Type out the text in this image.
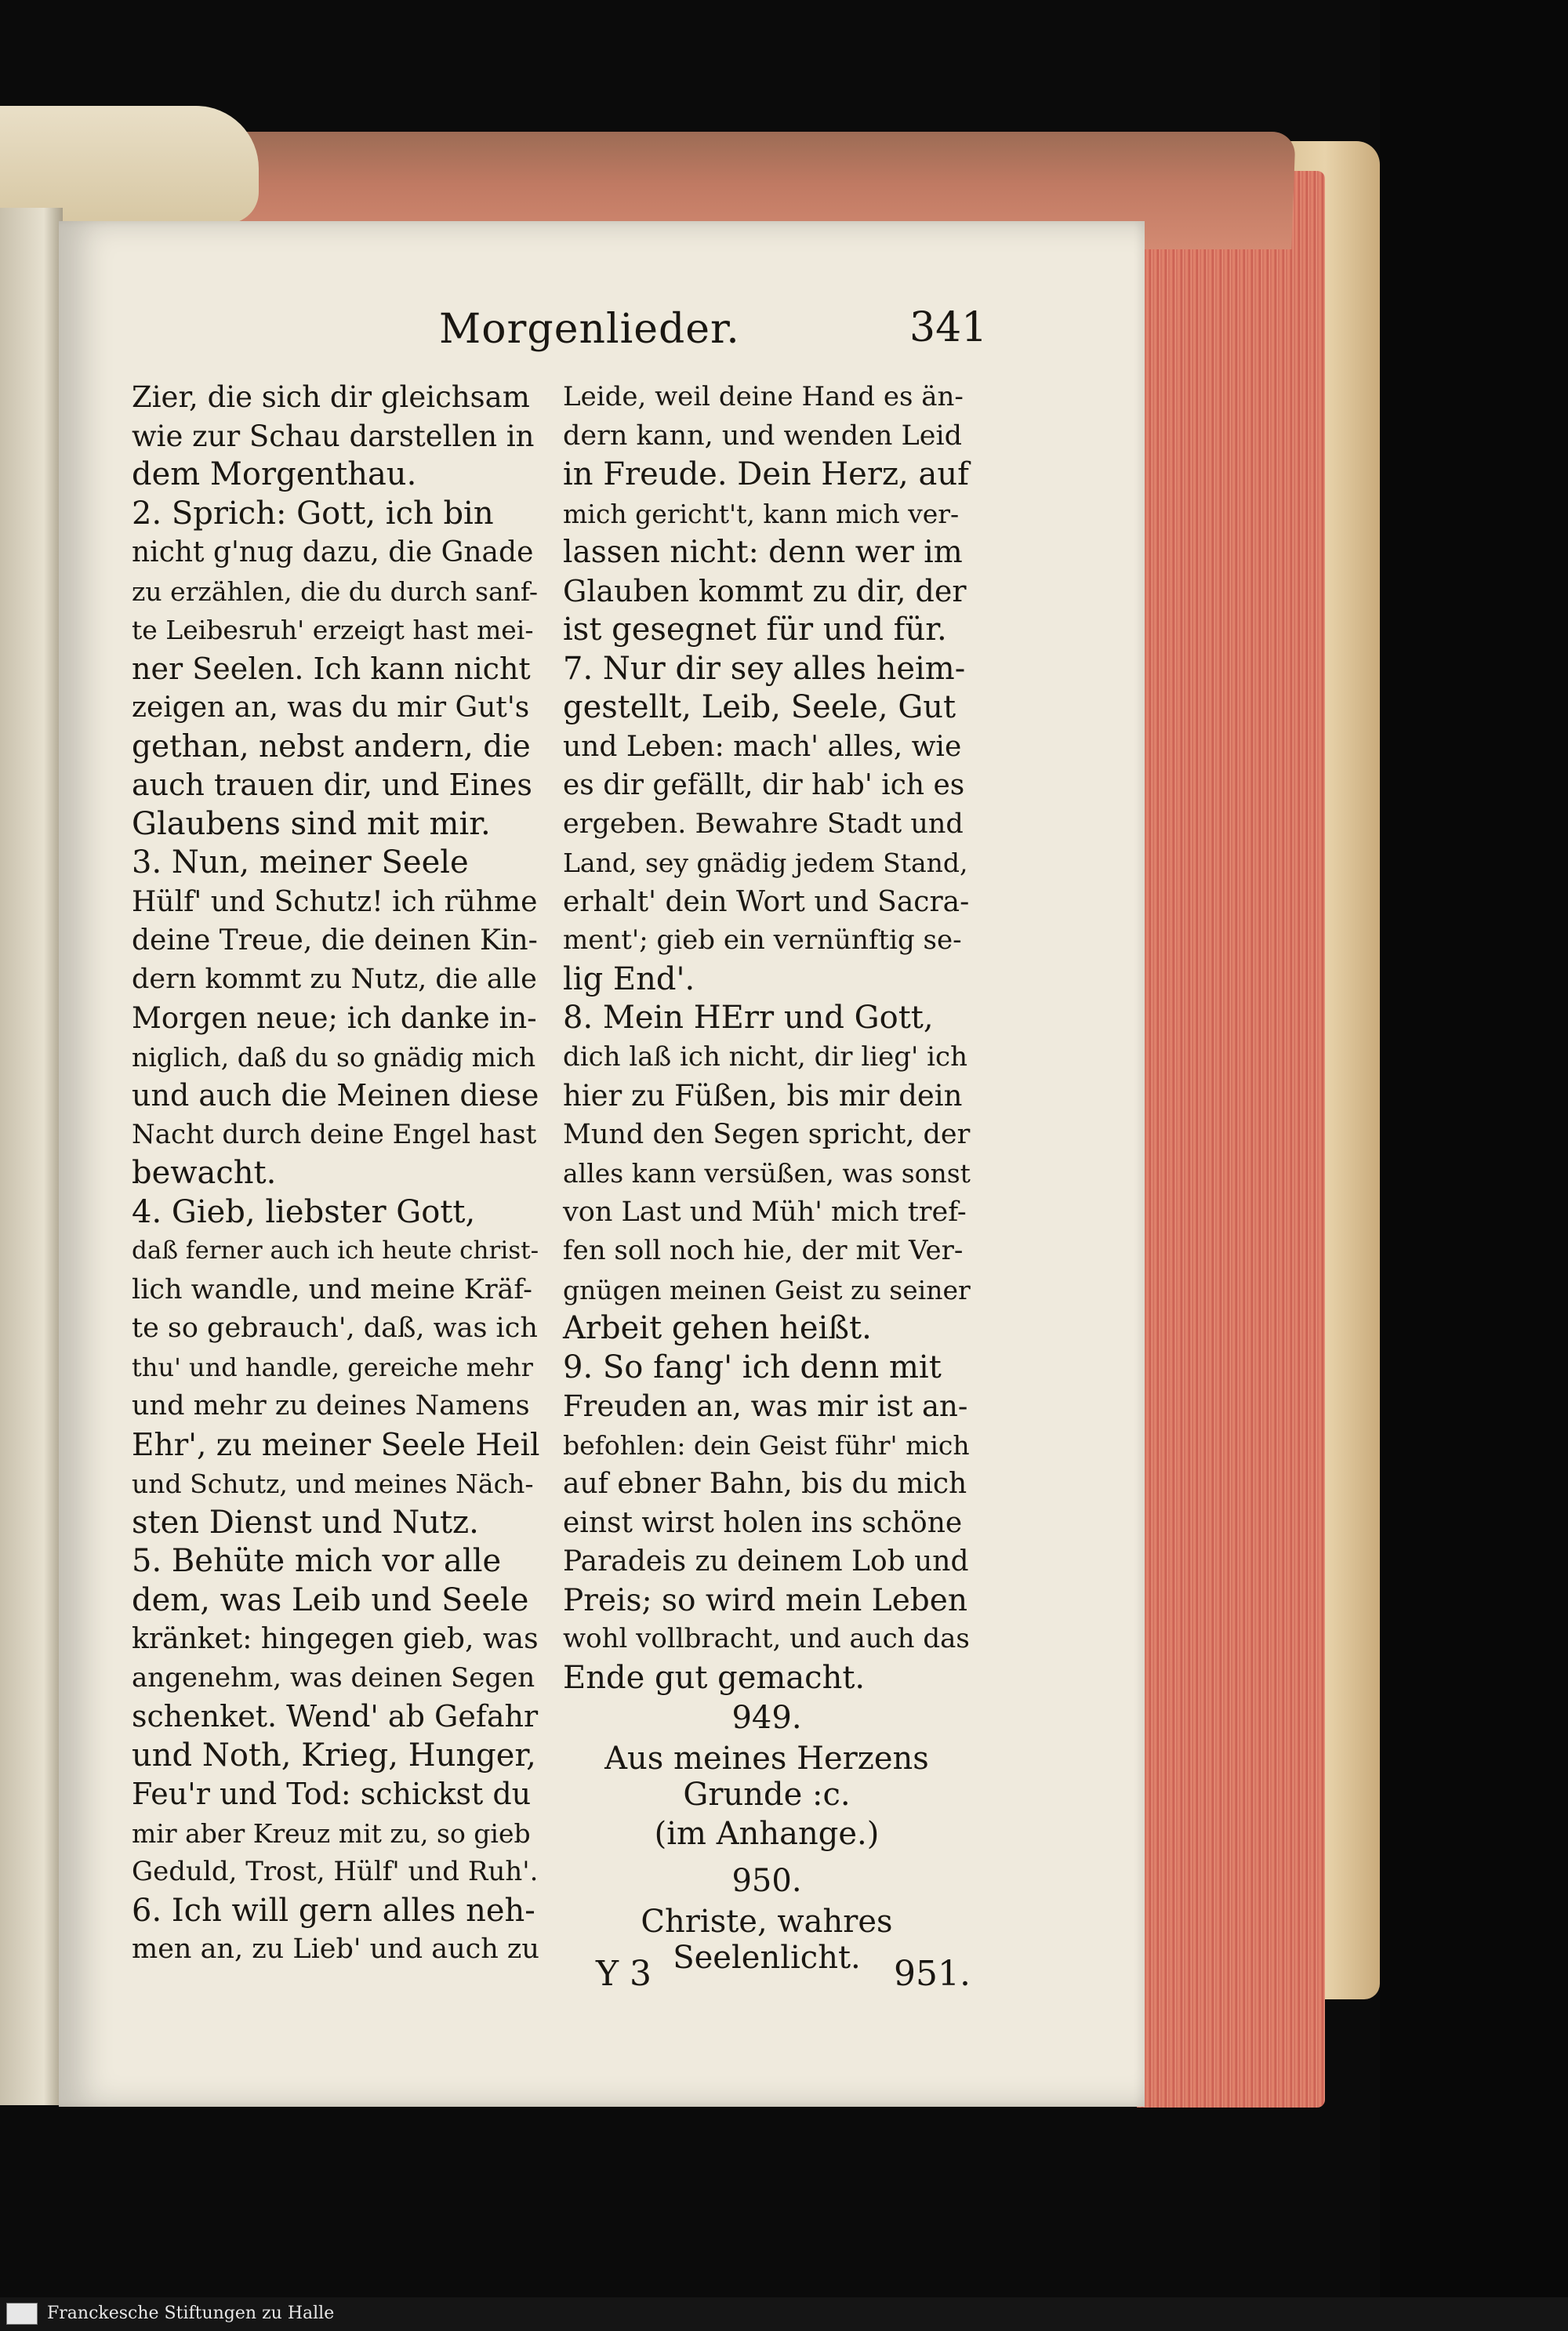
Morgenlieder.	341
Zier, die sich dir gleichsam
wie zur Schau darstellen in
dem Morgenthau.
2. Sprich: Gott, ich bin
nicht g'nug dazu, die Gnade
zu erzählen, die du durch sanf-
te Leibesruh' erzeigt hast mei-
ner Seelen. Ich kann nicht
zeigen an, was du mir Gut's
gethan, nebst andern, die
auch trauen dir, und Eines
Glaubens sind mit mir.
3. Nun, meiner Seele
Hülf' und Schutz! ich rühme
deine Treue, die deinen Kin-
dern kommt zu Nutz, die alle
Morgen neue; ich danke in-
niglich, daß du so gnädig mich
und auch die Meinen diese
Nacht durch deine Engel hast
bewacht.
4. Gieb, liebster Gott,
daß ferner auch ich heute christ-
lich wandle, und meine Kräf-
te so gebrauch', daß, was ich
thu' und handle, gereiche mehr
und mehr zu deines Namens
Ehr', zu meiner Seele Heil
und Schutz, und meines Näch-
sten Dienst und Nutz.
5. Behüte mich vor alle
dem, was Leib und Seele
kränket: hingegen gieb, was
angenehm, was deinen Segen
schenket. Wend' ab Gefahr
und Noth, Krieg, Hunger,
Feu'r und Tod: schickst du
mir aber Kreuz mit zu, so gieb
Geduld, Trost, Hülf' und Ruh'.
6. Ich will gern alles neh-
men an, zu Lieb' und auch zu
Leide, weil deine Hand es än-
dern kann, und wenden Leid
in Freude. Dein Herz, auf
mich gericht't, kann mich ver-
lassen nicht: denn wer im
Glauben kommt zu dir, der
ist gesegnet für und für.
7. Nur dir sey alles heim-
gestellt, Leib, Seele, Gut
und Leben: mach' alles, wie
es dir gefällt, dir hab' ich es
ergeben. Bewahre Stadt und
Land, sey gnädig jedem Stand,
erhalt' dein Wort und Sacra-
ment'; gieb ein vernünftig se-
lig End'.
8. Mein HErr und Gott,
dich laß ich nicht, dir lieg' ich
hier zu Füßen, bis mir dein
Mund den Segen spricht, der
alles kann versüßen, was sonst
von Last und Müh' mich tref-
fen soll noch hie, der mit Ver-
gnügen meinen Geist zu seiner
Arbeit gehen heißt.
9. So fang' ich denn mit
Freuden an, was mir ist an-
befohlen: dein Geist führ' mich
auf ebner Bahn, bis du mich
einst wirst holen ins schöne
Paradeis zu deinem Lob und
Preis; so wird mein Leben
wohl vollbracht, und auch das
Ende gut gemacht.
949.
Aus meines Herzens Grunde :c.
(im Anhange.)
950.
Christe, wahres Seelenlicht.
Y 3	951.
Franckesche Stiftungen zu Halle
